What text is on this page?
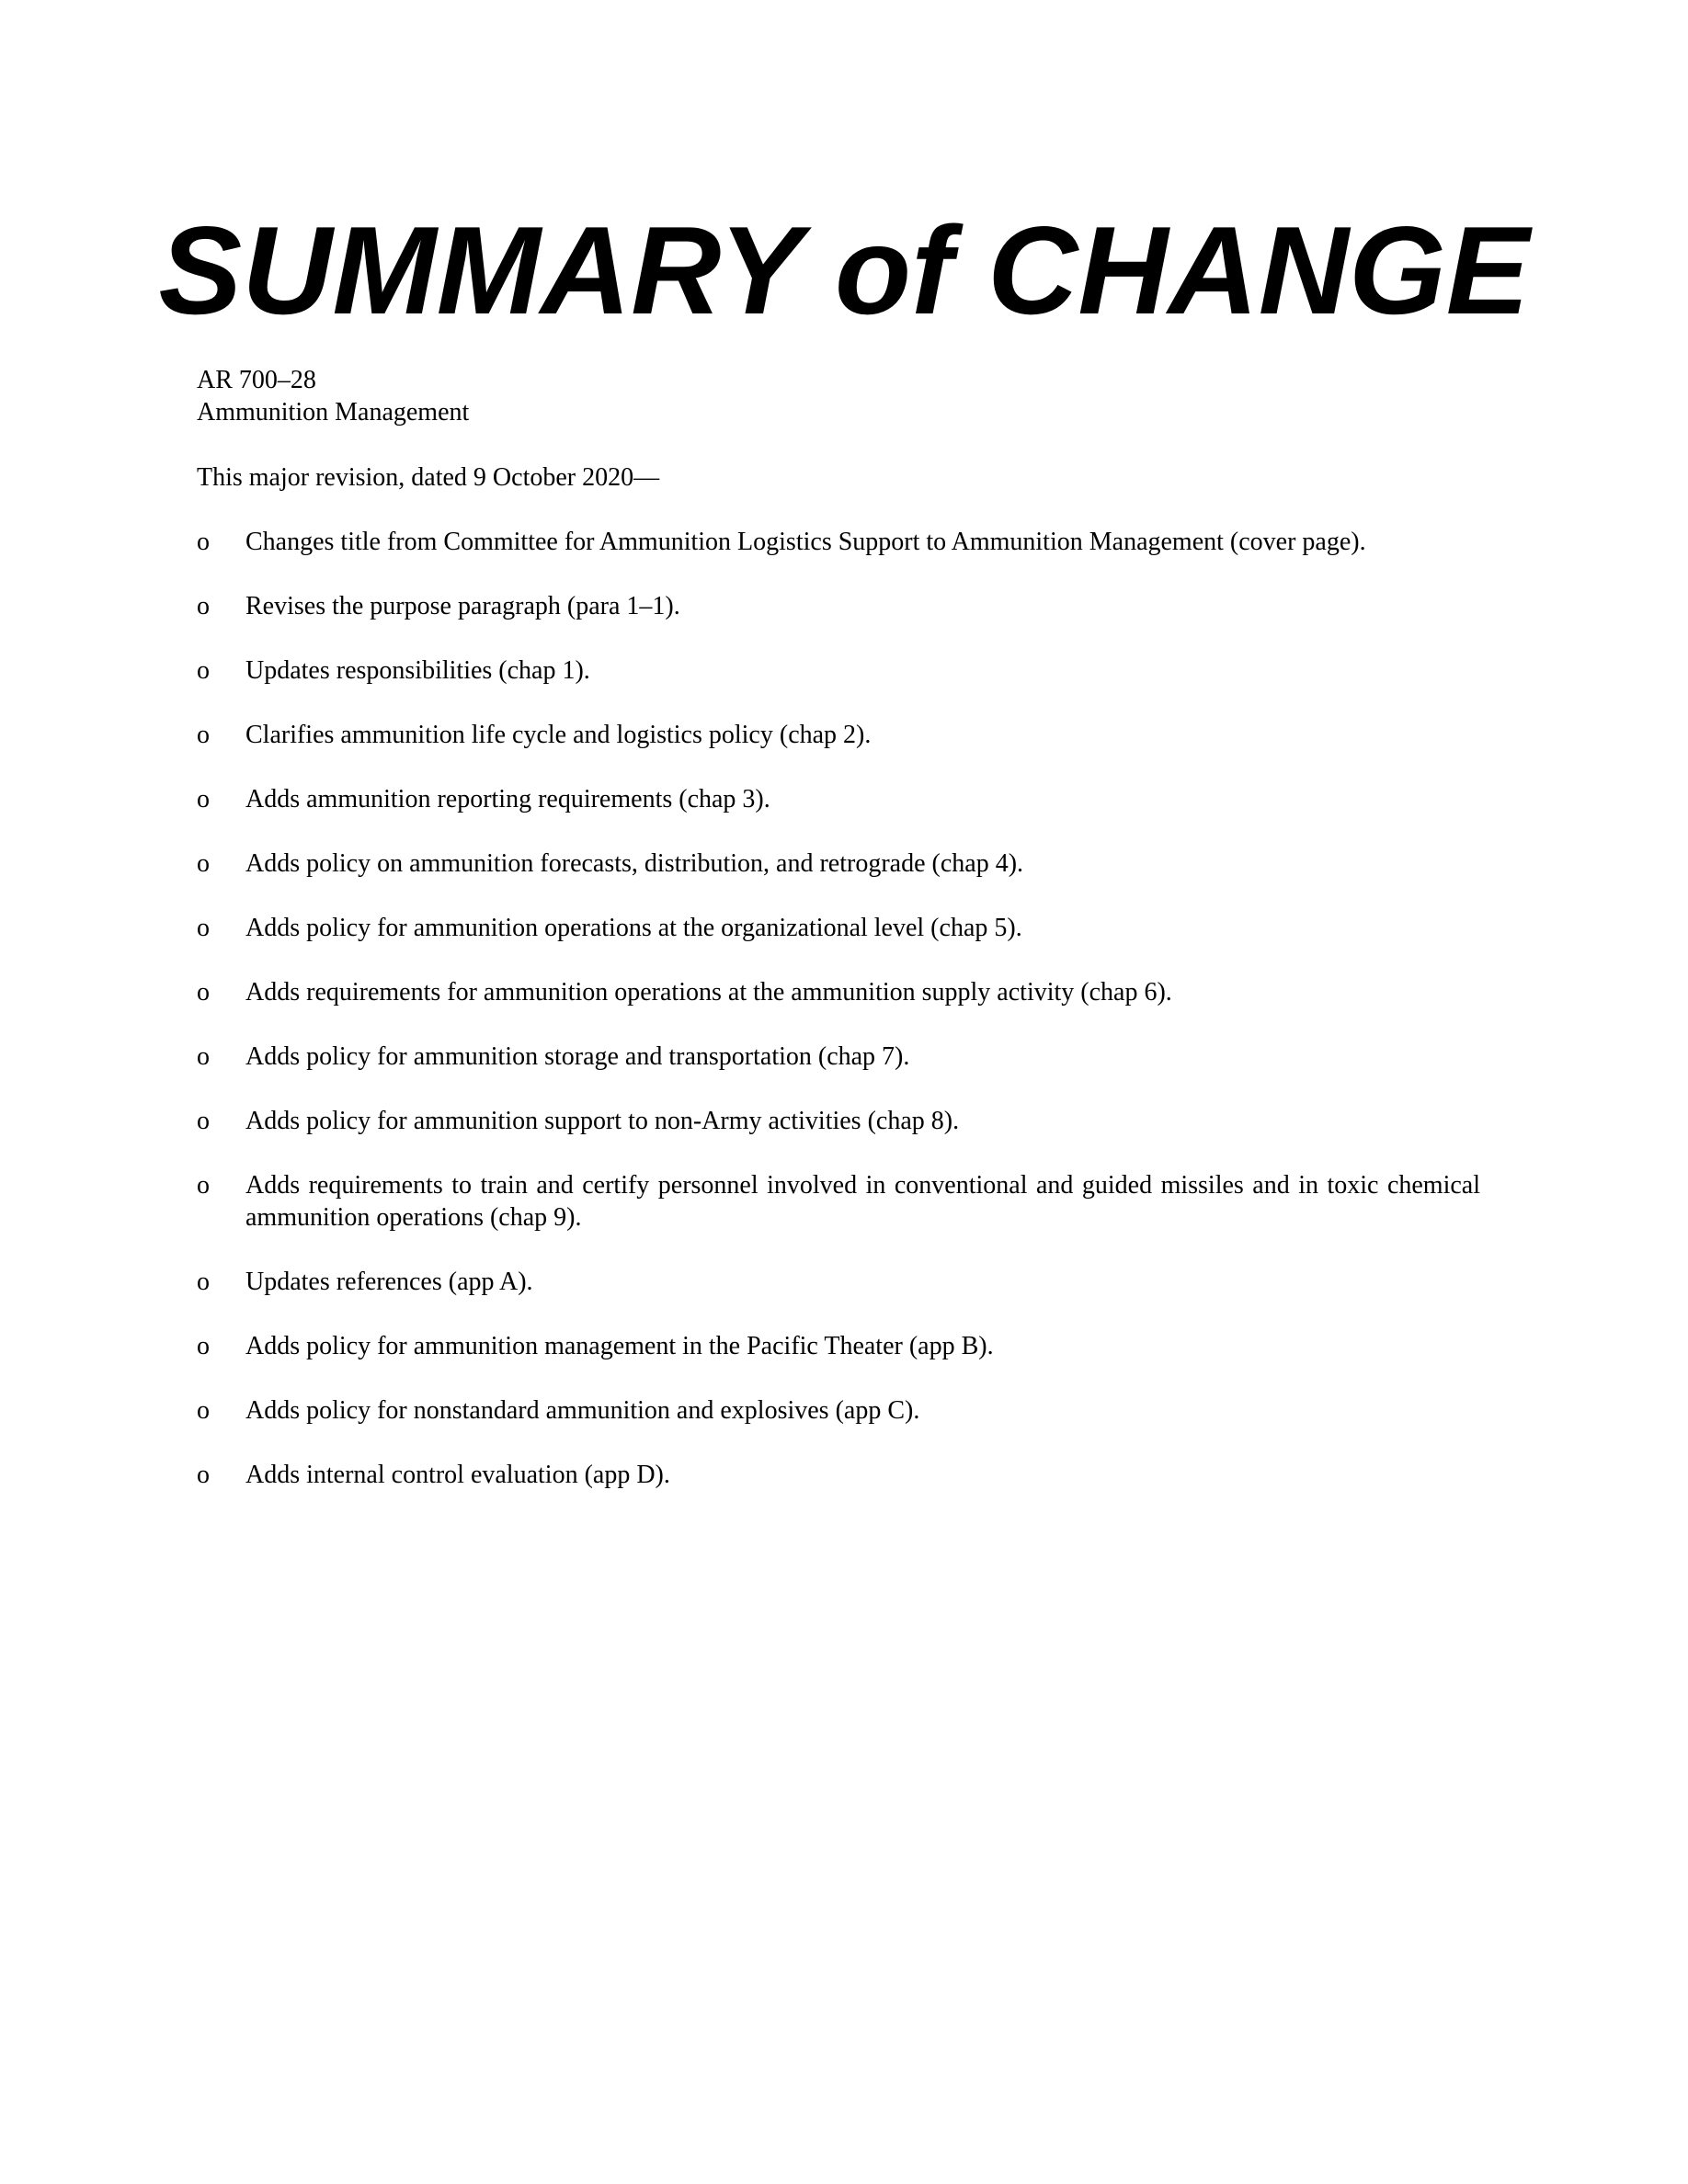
SUMMARY of CHANGE
AR 700–28
Ammunition Management
This major revision, dated 9 October 2020—
o	Changes title from Committee for Ammunition Logistics Support to Ammunition Management (cover page).
o	Revises the purpose paragraph (para 1–1).
o	Updates responsibilities (chap 1).
o	Clarifies ammunition life cycle and logistics policy (chap 2).
o	Adds ammunition reporting requirements (chap 3).
o	Adds policy on ammunition forecasts, distribution, and retrograde (chap 4).
o	Adds policy for ammunition operations at the organizational level (chap 5).
o	Adds requirements for ammunition operations at the ammunition supply activity (chap 6).
o	Adds policy for ammunition storage and transportation (chap 7).
o	Adds policy for ammunition support to non-Army activities (chap 8).
o	Adds requirements to train and certify personnel involved in conventional and guided missiles and in toxic chemical ammunition operations (chap 9).
o	Updates references (app A).
o	Adds policy for ammunition management in the Pacific Theater (app B).
o	Adds policy for nonstandard ammunition and explosives (app C).
o	Adds internal control evaluation (app D).
